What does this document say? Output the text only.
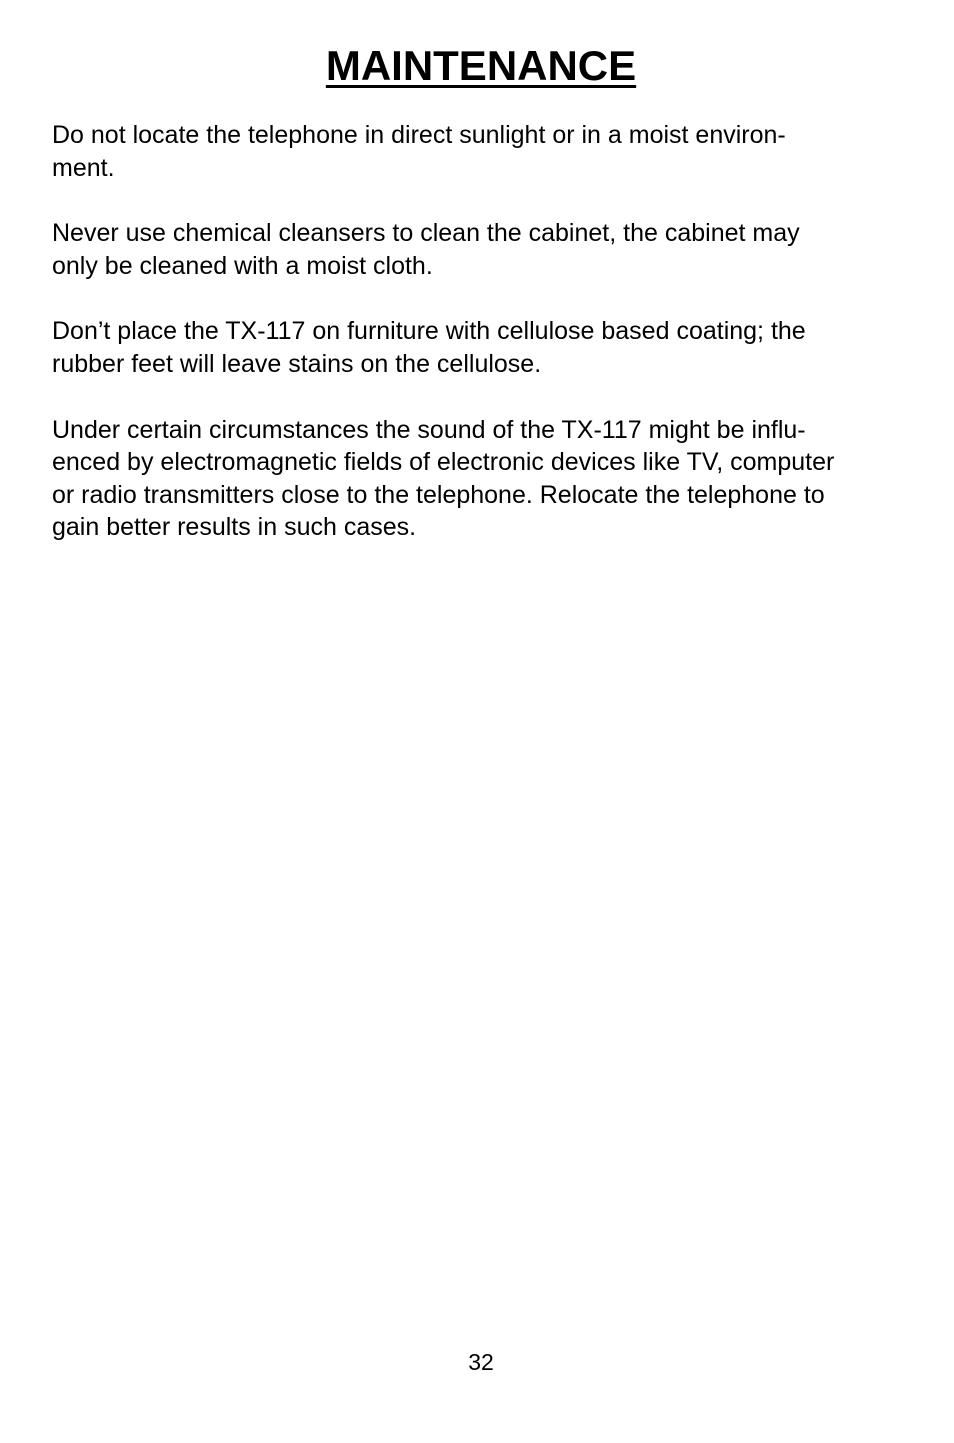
MAINTENANCE

Do not locate the telephone in direct sunlight or in a moist environ-
ment.

Never use chemical cleansers to clean the cabinet, the cabinet may
only be cleaned with a moist cloth.

Don’t place the TX-117 on furniture with cellulose based coating; the
rubber feet will leave stains on the cellulose.

Under certain circumstances the sound of the TX-117 might be influ-
enced by electromagnetic fields of electronic devices like TV, computer
or radio transmitters close to the telephone. Relocate the telephone to
gain better results in such cases.

32
